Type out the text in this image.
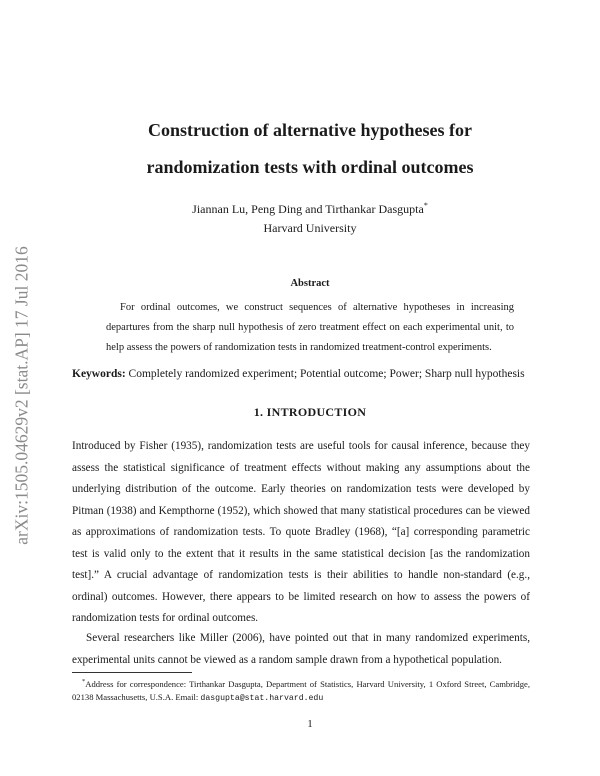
arXiv:1505.04629v2 [stat.AP] 17 Jul 2016
Construction of alternative hypotheses for
randomization tests with ordinal outcomes
Jiannan Lu, Peng Ding and Tirthankar Dasgupta*
Harvard University
Abstract
For ordinal outcomes, we construct sequences of alternative hypotheses in increasing departures from the sharp null hypothesis of zero treatment effect on each experimental unit, to help assess the powers of randomization tests in randomized treatment-control experiments.
Keywords: Completely randomized experiment; Potential outcome; Power; Sharp null hypothesis
1. INTRODUCTION
Introduced by Fisher (1935), randomization tests are useful tools for causal inference, because they assess the statistical significance of treatment effects without making any assumptions about the underlying distribution of the outcome. Early theories on randomization tests were developed by Pitman (1938) and Kempthorne (1952), which showed that many statistical procedures can be viewed as approximations of randomization tests. To quote Bradley (1968), “[a] corresponding parametric test is valid only to the extent that it results in the same statistical decision [as the randomization test].” A crucial advantage of randomization tests is their abilities to handle non-standard (e.g., ordinal) outcomes. However, there appears to be limited research on how to assess the powers of randomization tests for ordinal outcomes.
Several researchers like Miller (2006), have pointed out that in many randomized experiments, experimental units cannot be viewed as a random sample drawn from a hypothetical population.
*Address for correspondence: Tirthankar Dasgupta, Department of Statistics, Harvard University, 1 Oxford Street, Cambridge, 02138 Massachusetts, U.S.A. Email: dasgupta@stat.harvard.edu
1
